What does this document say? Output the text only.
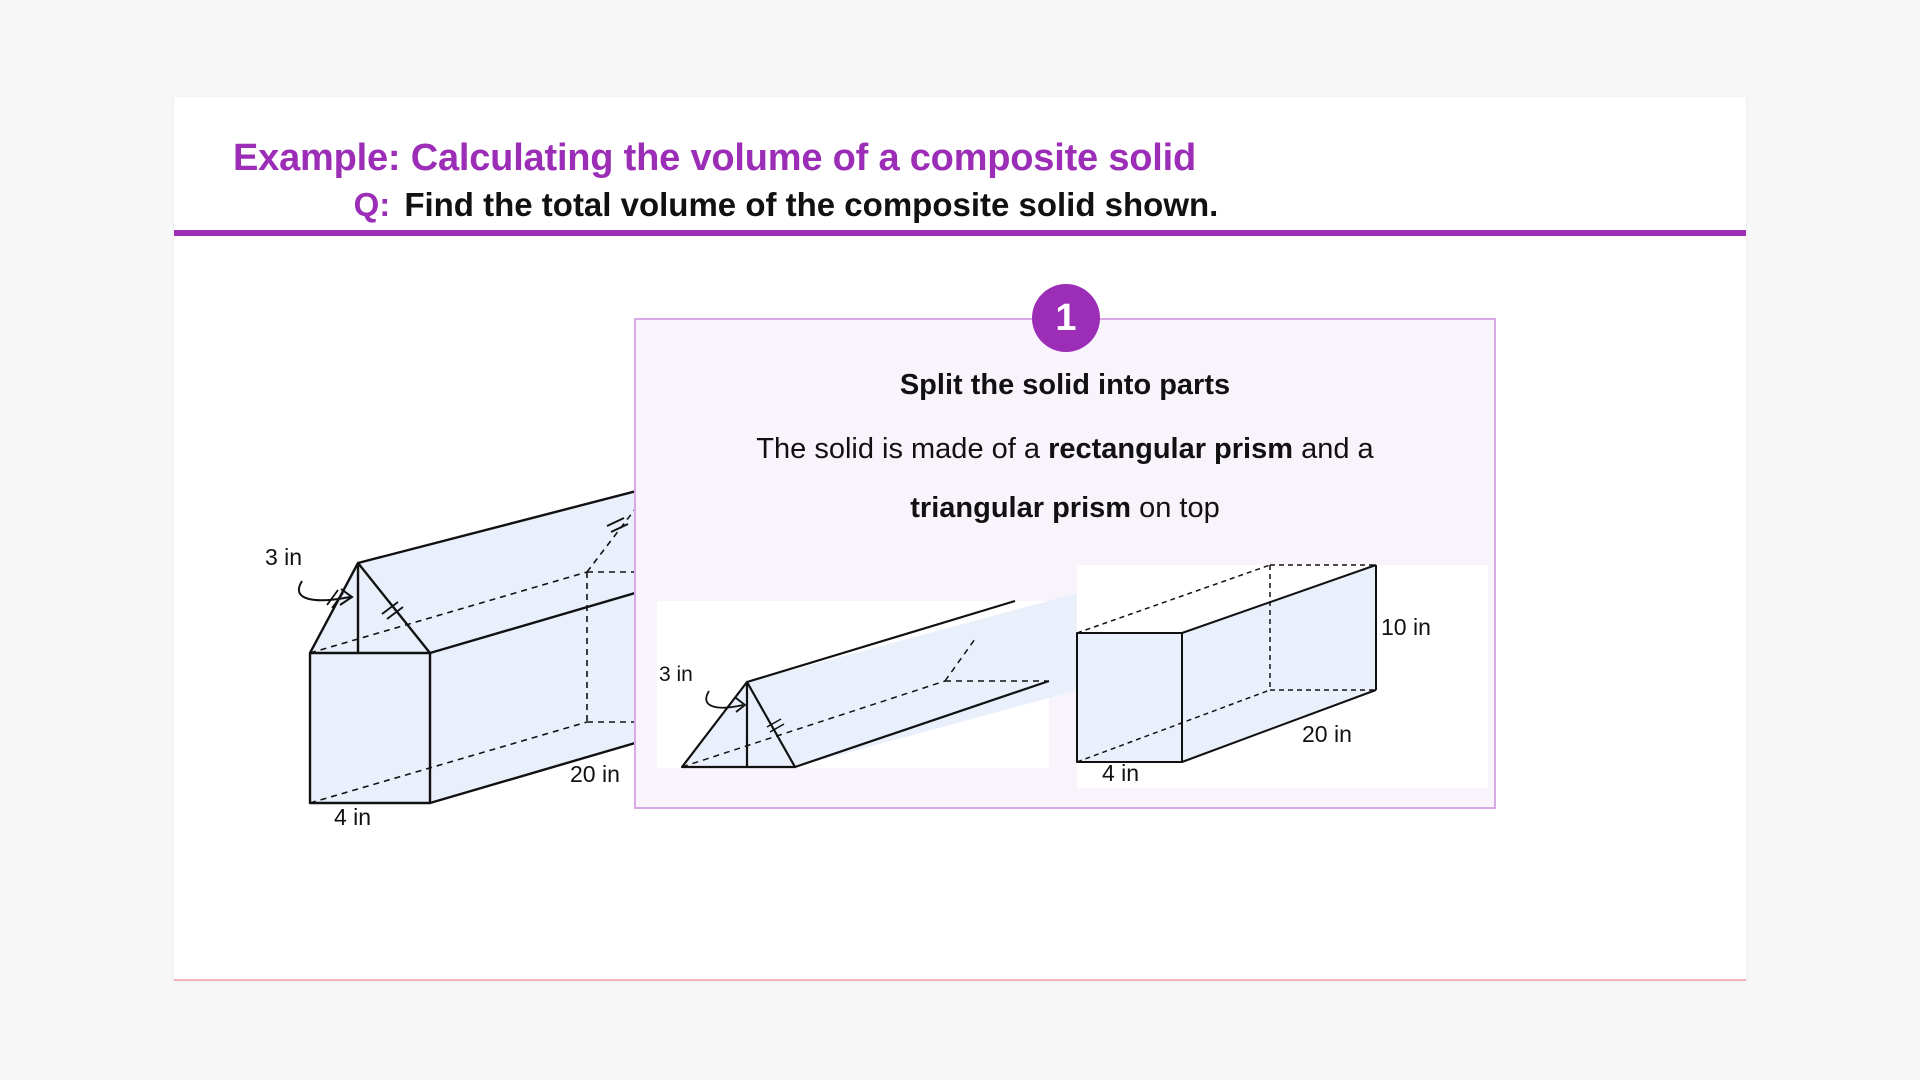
Example: Calculating the volume of a composite solid
Q: Find the total volume of the composite solid shown.
3 in
20 in
4 in
1
Split the solid into parts
The solid is made of a rectangular prism and a
triangular prism on top
3 in
10 in
20 in
4 in
